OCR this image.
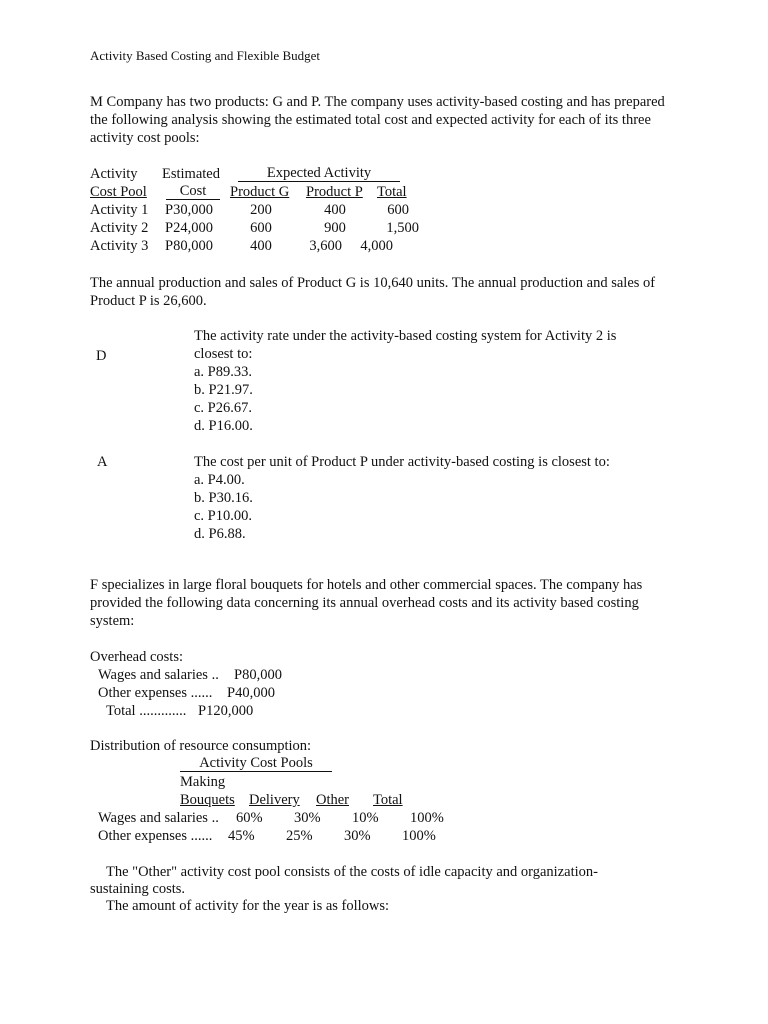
Activity Based Costing and Flexible Budget
M Company has two products: G and P. The company uses activity-based costing and has prepared the following analysis showing the estimated total cost and expected activity for each of its three activity cost pools:
Activity Estimated	Expected Activity
Cost Pool	Cost	Product G Product P Total
Activity 1 P30,000	200	400	600
Activity 2 P24,000	600	900	1,500
Activity 3 P80,000	400	3,600	4,000
The annual production and sales of Product G is 10,640 units. The annual production and sales of Product P is 26,600.
D
The activity rate under the activity-based costing system for Activity 2 is
closest to:
a. P89.33.
b. P21.97.
c. P26.67.
d. P16.00.
A	The cost per unit of Product P under activity-based costing is closest to:
a. P4.00.
b. P30.16.
c. P10.00.
d. P6.88.
F specializes in large floral bouquets for hotels and other commercial spaces. The company has provided the following data concerning its annual overhead costs and its activity based costing system:
Overhead costs:
Wages and salaries .. P80,000
Other expenses ...... P40,000
Total ............. P120,000
Distribution of resource consumption:
Activity Cost Pools
Making
Bouquets Delivery Other Total
Wages and salaries .. 60% 30% 10% 100%
Other expenses ...... 45% 25% 30% 100%
The "Other" activity cost pool consists of the costs of idle capacity and organization-
sustaining costs.
The amount of activity for the year is as follows:
